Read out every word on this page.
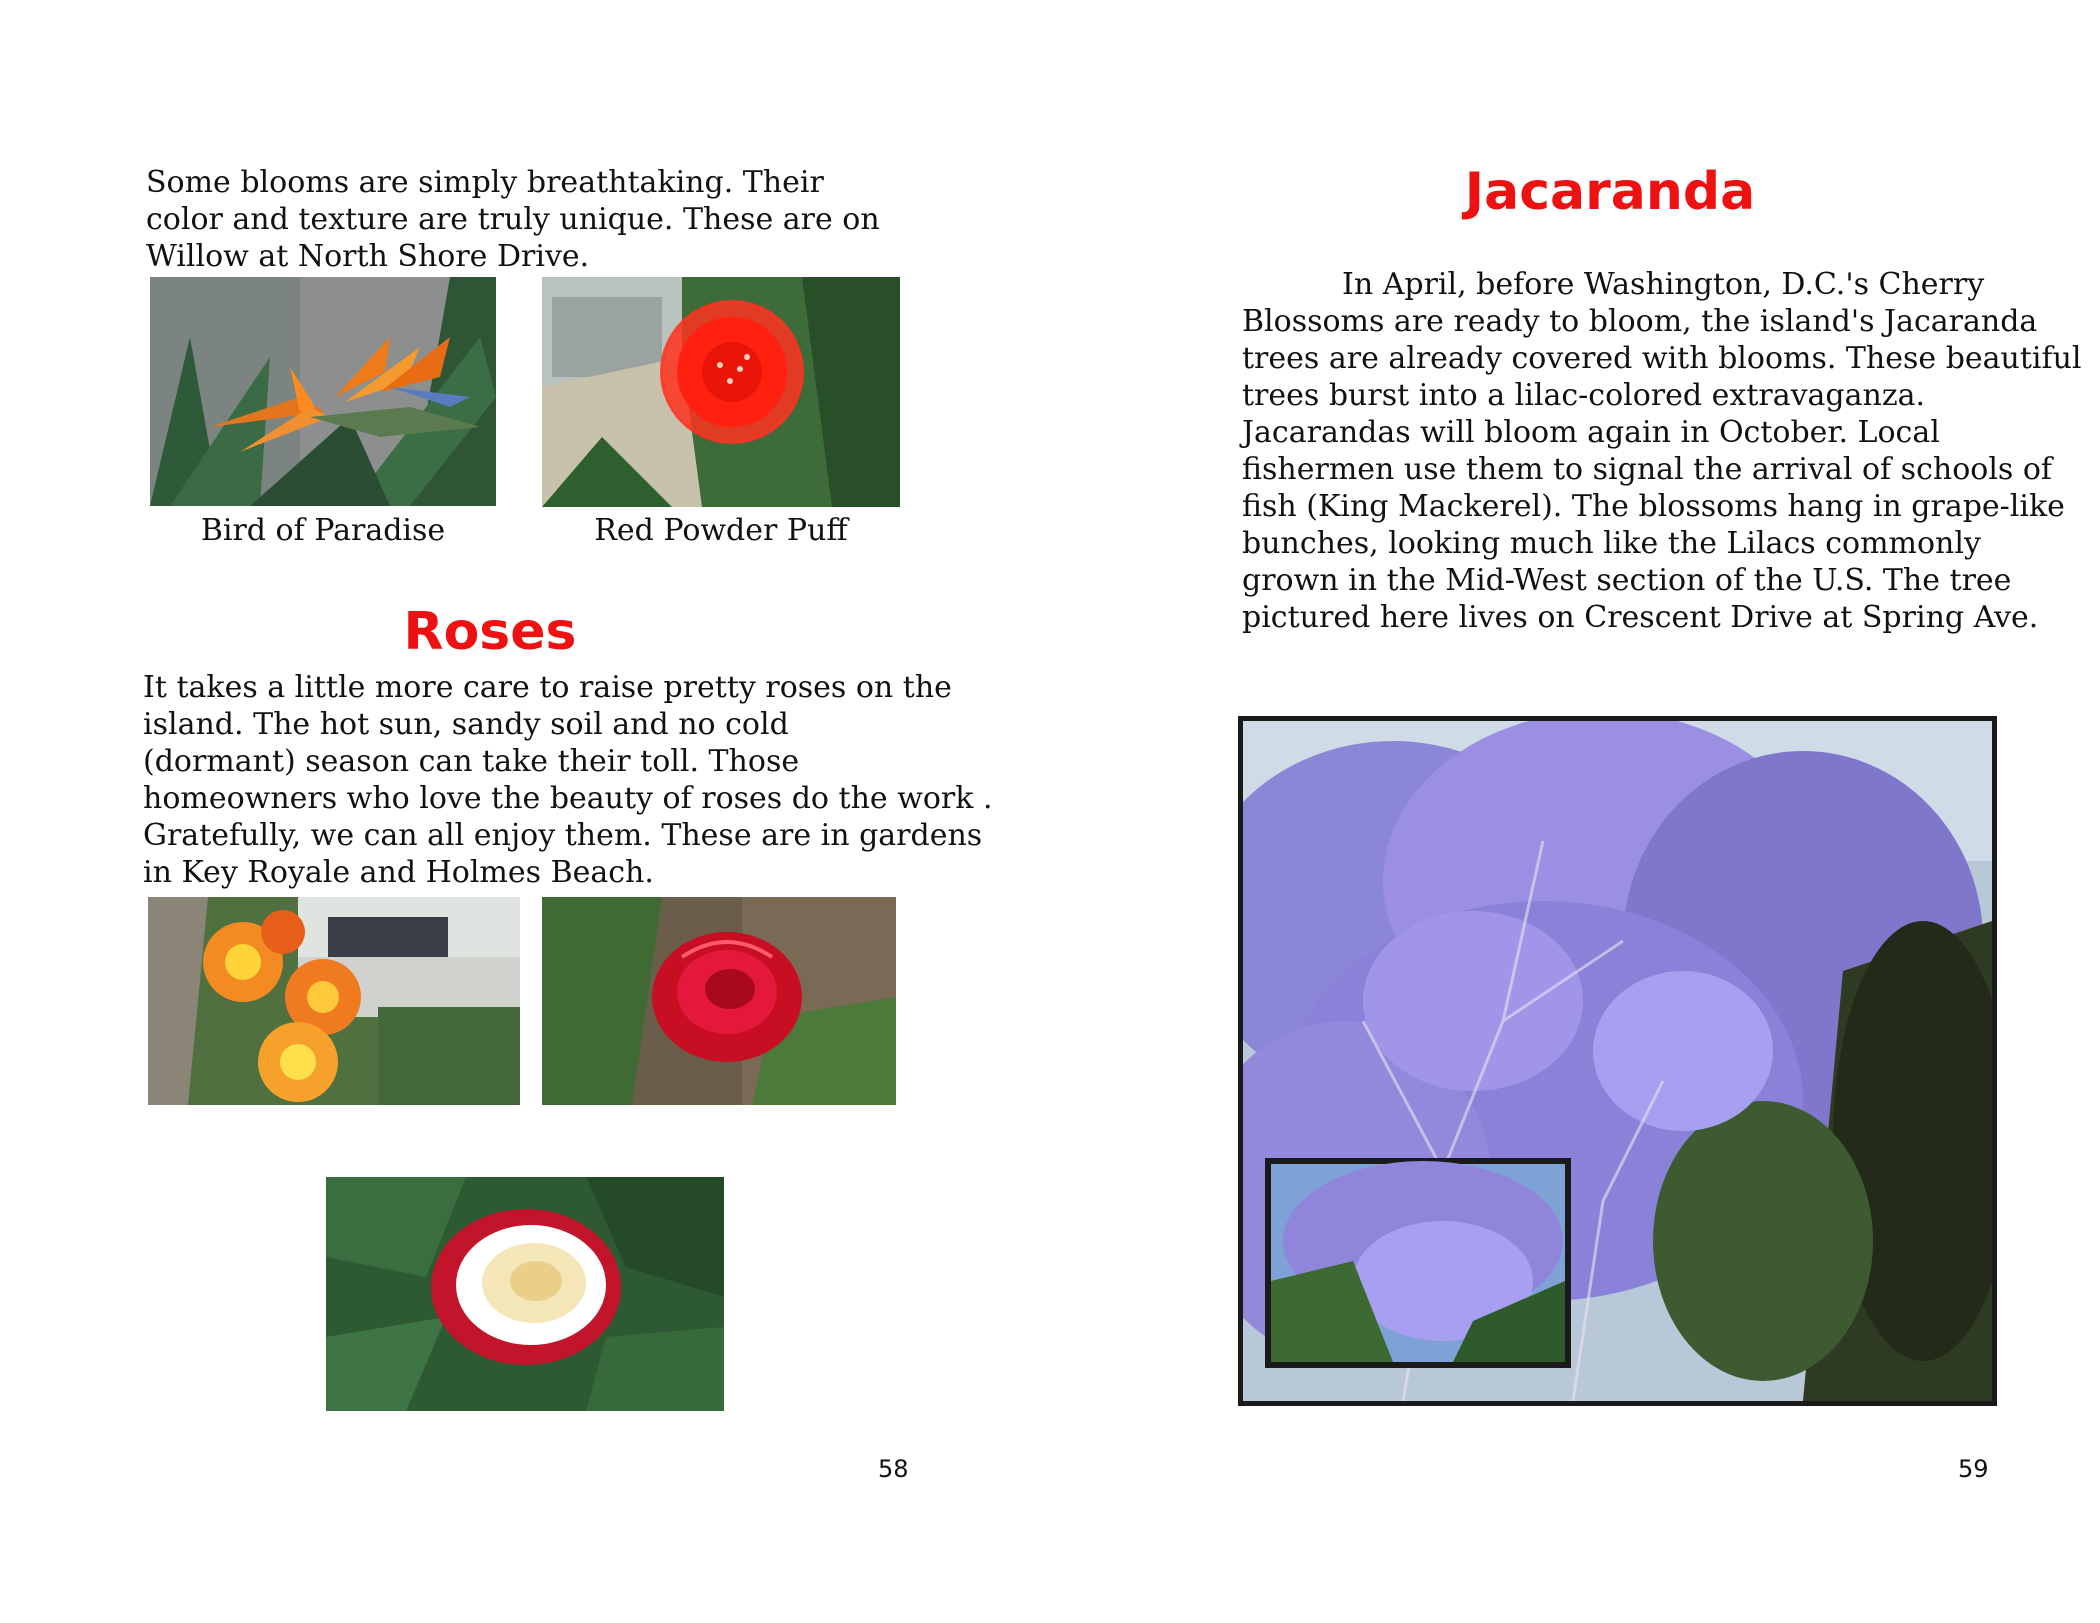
Some blooms are simply breathtaking. Their

color and texture are truly unique. These are on

Willow at North Shore Drive.

Bird of Paradise	Red Powder Puff
Roses

It takes a little more care to raise pretty roses on the

island. The hot sun, sandy soil and no cold

(dormant) season can take their toll. Those

homeowners who love the beauty of roses do the work .

Gratefully, we can all enjoy them. These are in gardens

in Key Royale and Holmes Beach.

58
Jacaranda

In April, before Washington, D.C.'s Cherry

Blossoms are ready to bloom, the island's Jacaranda

trees are already covered with blooms. These beautiful

trees burst into a lilac-colored extravaganza.

Jacarandas will bloom again in October. Local

fishermen use them to signal the arrival of schools of

fish (King Mackerel). The blossoms hang in grape-like

bunches, looking much like the Lilacs commonly

grown in the Mid-West section of the U.S. The tree

pictured here lives on Crescent Drive at Spring Ave.

59
